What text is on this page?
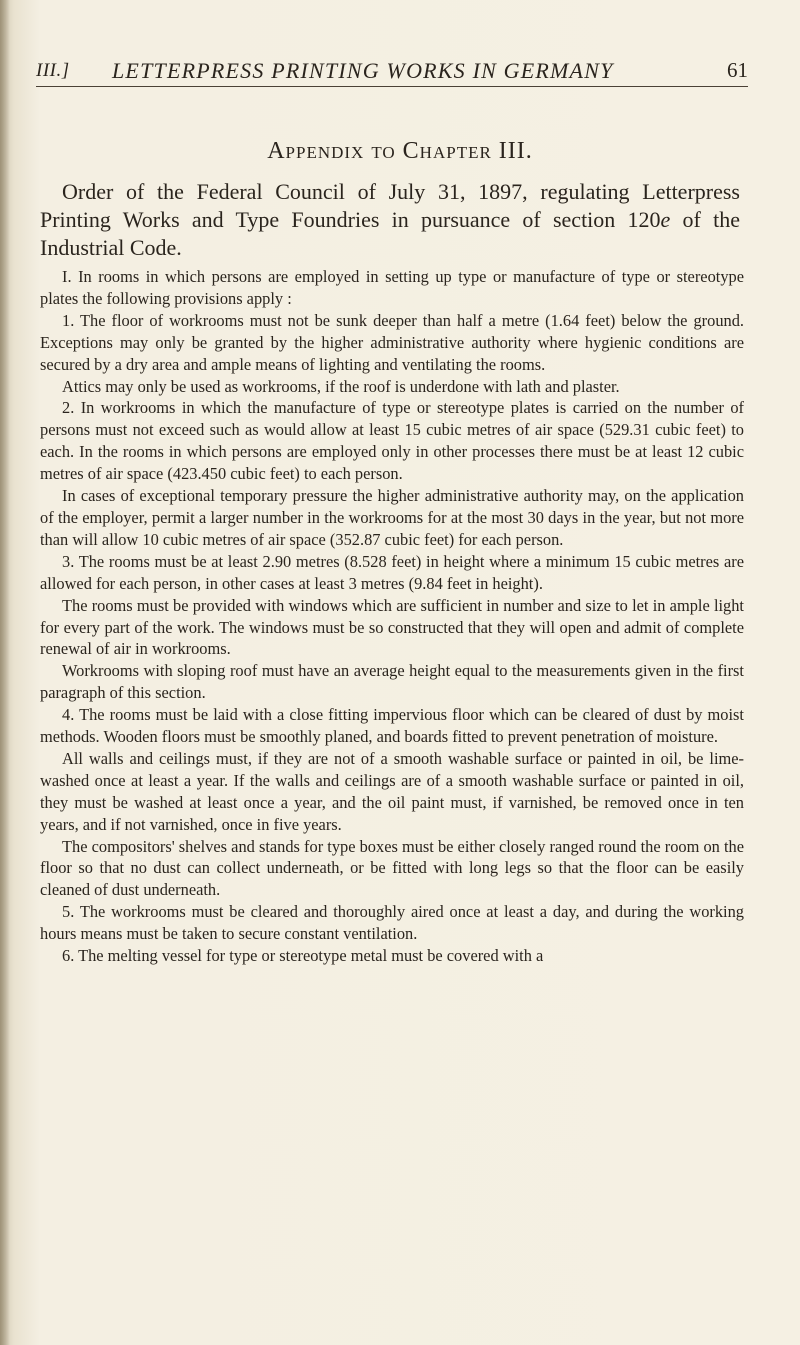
III.] LETTERPRESS PRINTING WORKS IN GERMANY	61
Appendix to Chapter III.
Order of the Federal Council of July 31, 1897, regulating Letterpress Printing Works and Type Foundries in pursuance of section 120e of the Industrial Code.

I. In rooms in which persons are employed in setting up type or manufacture of type or stereotype plates the following provisions apply :

1. The floor of workrooms must not be sunk deeper than half a metre (1.64 feet) below the ground. Exceptions may only be granted by the higher administrative authority where hygienic conditions are secured by a dry area and ample means of lighting and ventilating the rooms.

Attics may only be used as workrooms, if the roof is underdone with lath and plaster.

2. In workrooms in which the manufacture of type or stereotype plates is carried on the number of persons must not exceed such as would allow at least 15 cubic metres of air space (529.31 cubic feet) to each. In the rooms in which persons are employed only in other processes there must be at least 12 cubic metres of air space (423.450 cubic feet) to each person.

In cases of exceptional temporary pressure the higher administrative authority may, on the application of the employer, permit a larger number in the workrooms for at the most 30 days in the year, but not more than will allow 10 cubic metres of air space (352.87 cubic feet) for each person.

3. The rooms must be at least 2.90 metres (8.528 feet) in height where a minimum 15 cubic metres are allowed for each person, in other cases at least 3 metres (9.84 feet in height).

The rooms must be provided with windows which are sufficient in number and size to let in ample light for every part of the work. The windows must be so constructed that they will open and admit of complete renewal of air in workrooms.

Workrooms with sloping roof must have an average height equal to the measurements given in the first paragraph of this section.

4. The rooms must be laid with a close fitting impervious floor which can be cleared of dust by moist methods. Wooden floors must be smoothly planed, and boards fitted to prevent penetration of moisture.

All walls and ceilings must, if they are not of a smooth washable surface or painted in oil, be lime-washed once at least a year. If the walls and ceilings are of a smooth washable surface or painted in oil, they must be washed at least once a year, and the oil paint must, if varnished, be removed once in ten years, and if not varnished, once in five years.

The compositors' shelves and stands for type boxes must be either closely ranged round the room on the floor so that no dust can collect underneath, or be fitted with long legs so that the floor can be easily cleaned of dust underneath.

5. The workrooms must be cleared and thoroughly aired once at least a day, and during the working hours means must be taken to secure constant ventilation.

6. The melting vessel for type or stereotype metal must be covered with a
